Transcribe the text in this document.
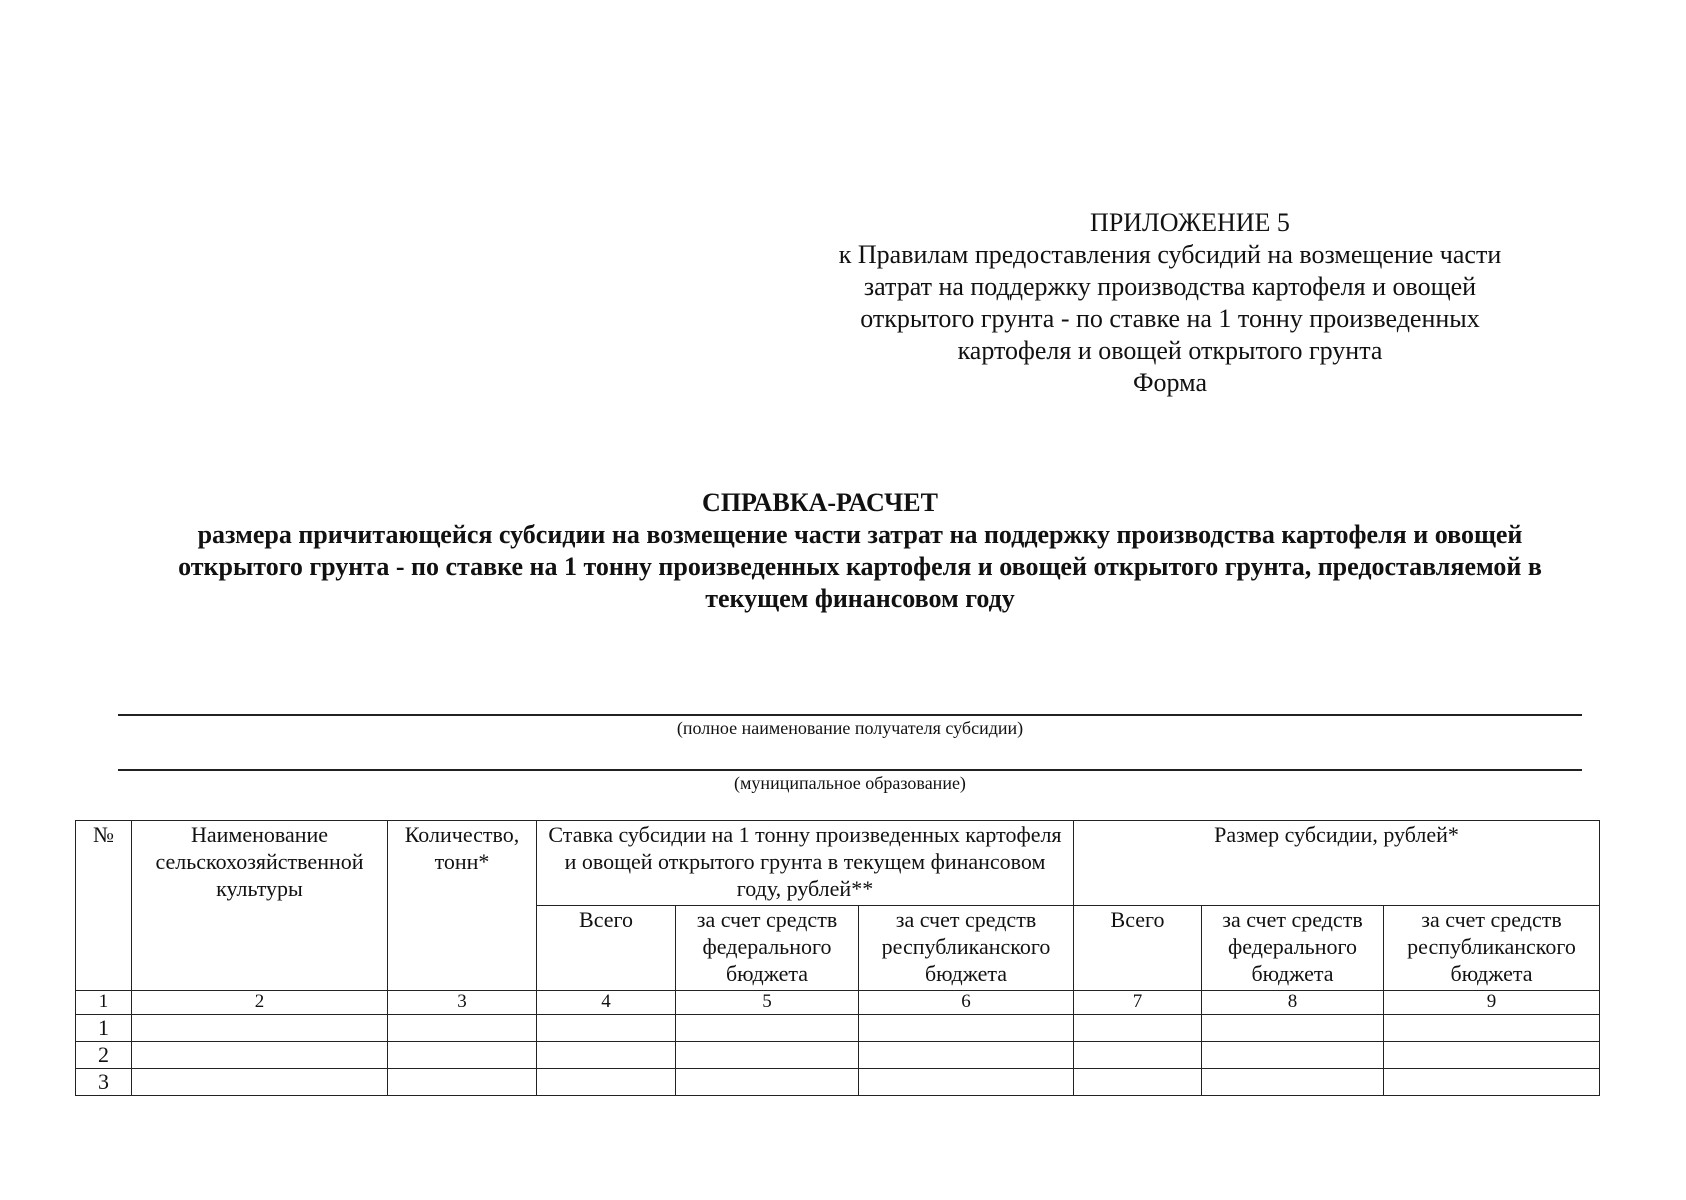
ПРИЛОЖЕНИЕ 5
к Правилам предоставления субсидий на возмещение части
затрат на поддержку производства картофеля и овощей
открытого грунта - по ставке на 1 тонну произведенных
картофеля и овощей открытого грунта
Форма
СПРАВКА-РАСЧЕТ
размера причитающейся субсидии на возмещение части затрат на поддержку производства картофеля и овощей открытого грунта - по ставке на 1 тонну произведенных картофеля и овощей открытого грунта, предоставляемой в текущем финансовом году
(полное наименование получателя субсидии)
(муниципальное образование)
№	Наименование сельскохозяйственной культуры	Количество, тонн*	Ставка субсидии на 1 тонну произведенных картофеля и овощей открытого грунта в текущем финансовом году, рублей**			Размер субсидии, рублей*		
			Всего	за счет средств федерального бюджета	за счет средств республиканского бюджета	Всего	за счет средств федерального бюджета	за счет средств республиканского бюджета
1	2	3	4	5	6	7	8	9
1								
2								
3								
